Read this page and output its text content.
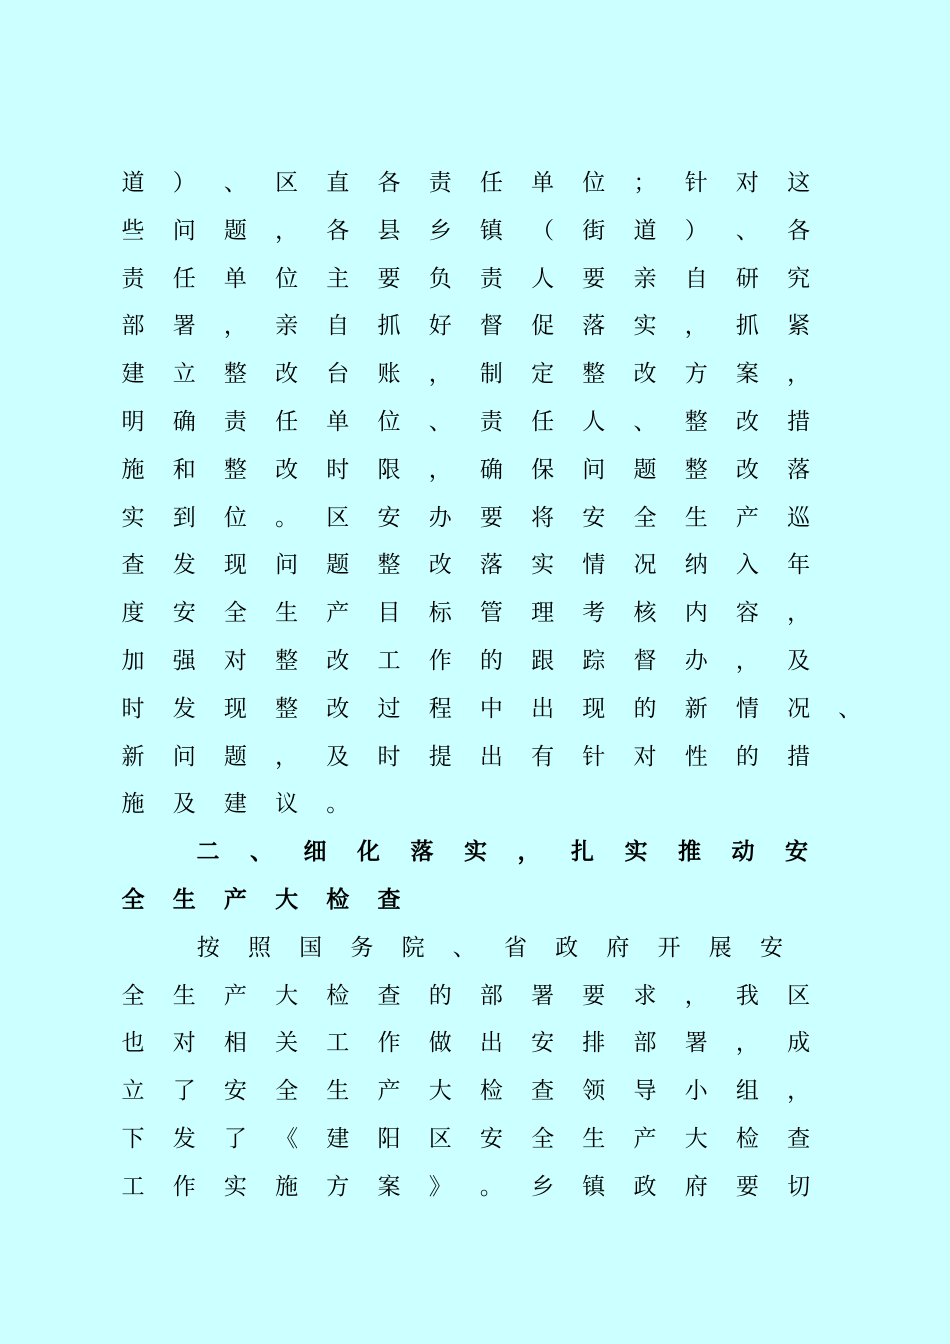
道 ） 、 区 直 各 责 任 单 位 ； 针 对 这
些 问 题 ， 各 县 乡 镇 （ 街 道 ） 、 各
责 任 单 位 主 要 负 责 人 要 亲 自 研 究
部 署 ， 亲 自 抓 好 督 促 落 实 ， 抓 紧
建 立 整 改 台 账 ， 制 定 整 改 方 案 ，
明 确 责 任 单 位 、 责 任 人 、 整 改 措
施 和 整 改 时 限 ， 确 保 问 题 整 改 落
实 到 位 。 区 安 办 要 将 安 全 生 产 巡
查 发 现 问 题 整 改 落 实 情 况 纳 入 年
度 安 全 生 产 目 标 管 理 考 核 内 容 ，
加 强 对 整 改 工 作 的 跟 踪 督 办 ， 及
时 发 现 整 改 过 程 中 出 现 的 新 情 况 、
新 问 题 ， 及 时 提 出 有 针 对 性 的 措
施 及 建 议 。
二 、 细 化 落 实 ， 扎 实 推 动 安
全 生 产 大 检 查
按 照 国 务 院 、 省 政 府 开 展 安
全 生 产 大 检 查 的 部 署 要 求 ， 我 区
也 对 相 关 工 作 做 出 安 排 部 署 ， 成
立 了 安 全 生 产 大 检 查 领 导 小 组 ，
下 发 了 《 建 阳 区 安 全 生 产 大 检 查
工 作 实 施 方 案 》 。 乡 镇 政 府 要 切
